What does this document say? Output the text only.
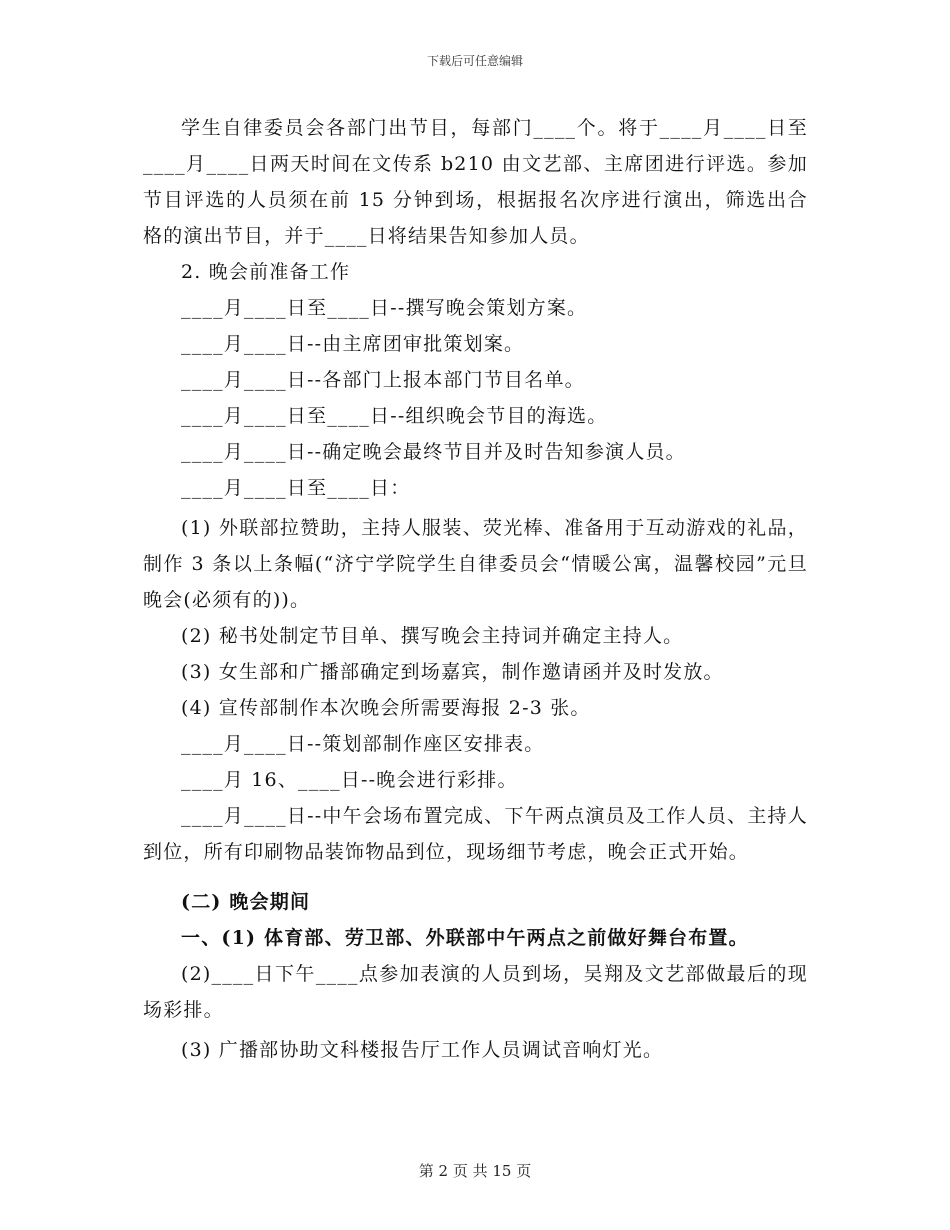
下载后可任意编辑

学生自律委员会各部门出节目，每部门____个。将于____月____日至____月____日两天时间在文传系 b210 由文艺部、主席团进行评选。参加节目评选的人员须在前 15 分钟到场，根据报名次序进行演出，筛选出合格的演出节目，并于____日将结果告知参加人员。

2. 晚会前准备工作

____月____日至____日--撰写晚会策划方案。

____月____日--由主席团审批策划案。

____月____日--各部门上报本部门节目名单。

____月____日至____日--组织晚会节目的海选。

____月____日--确定晚会最终节目并及时告知参演人员。

____月____日至____日：

(1) 外联部拉赞助，主持人服装、荧光棒、准备用于互动游戏的礼品，制作 3 条以上条幅(“济宁学院学生自律委员会“情暖公寓，温馨校园”元旦晚会(必须有的))。

(2) 秘书处制定节目单、撰写晚会主持词并确定主持人。

(3) 女生部和广播部确定到场嘉宾，制作邀请函并及时发放。

(4) 宣传部制作本次晚会所需要海报 2-3 张。

____月____日--策划部制作座区安排表。

____月 16、____日--晚会进行彩排。

____月____日--中午会场布置完成、下午两点演员及工作人员、主持人到位，所有印刷物品装饰物品到位，现场细节考虑，晚会正式开始。

(二) 晚会期间

一、(1) 体育部、劳卫部、外联部中午两点之前做好舞台布置。

(2)____日下午____点参加表演的人员到场，吴翔及文艺部做最后的现场彩排。

(3) 广播部协助文科楼报告厅工作人员调试音响灯光。

第 2 页 共 15 页
